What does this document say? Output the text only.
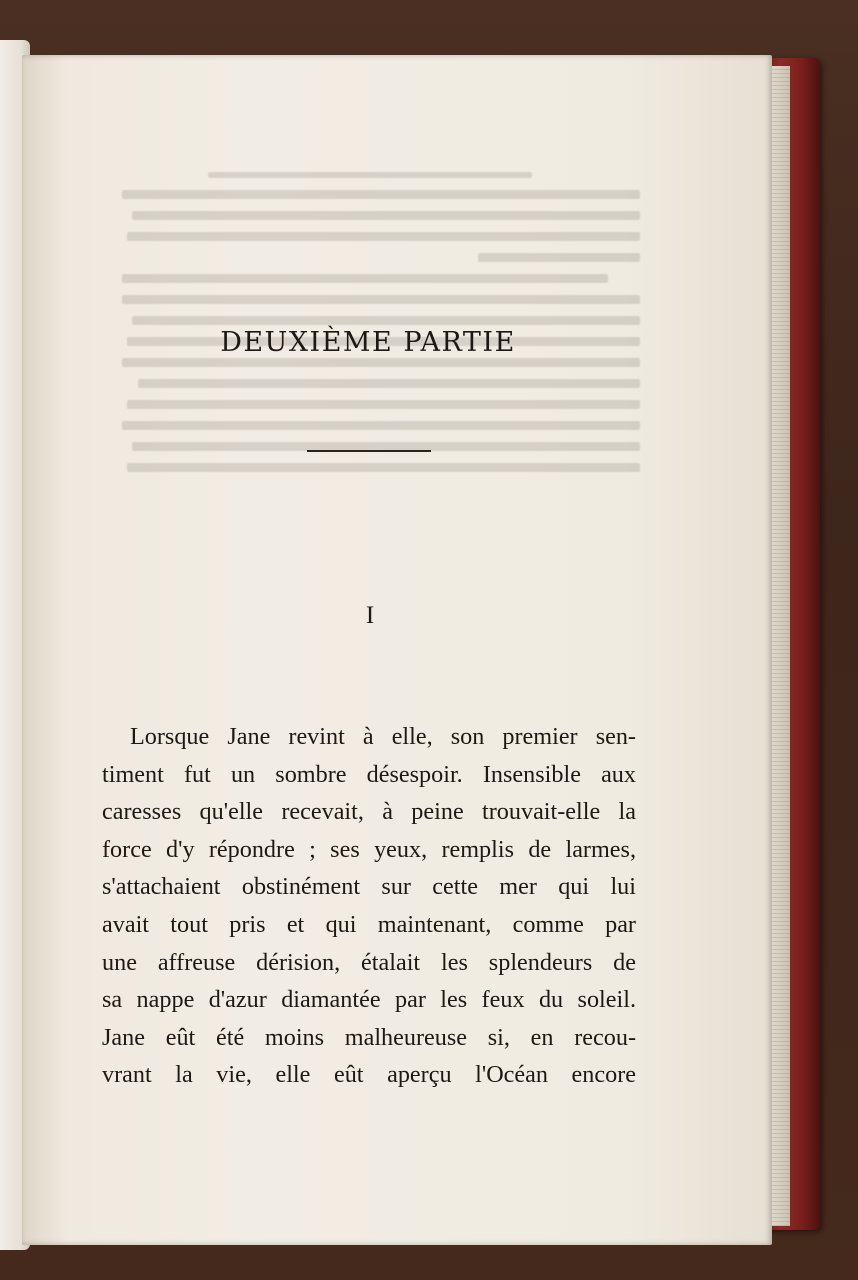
DEUXIÈME PARTIE
I
Lorsque Jane revint à elle, son premier sen-
timent fut un sombre désespoir. Insensible aux
caresses qu'elle recevait, à peine trouvait-elle la
force d'y répondre ; ses yeux, remplis de larmes,
s'attachaient obstinément sur cette mer qui lui
avait tout pris et qui maintenant, comme par
une affreuse dérision, étalait les splendeurs de
sa nappe d'azur diamantée par les feux du soleil.
Jane eût été moins malheureuse si, en recou-
vrant la vie, elle eût aperçu l'Océan encore
